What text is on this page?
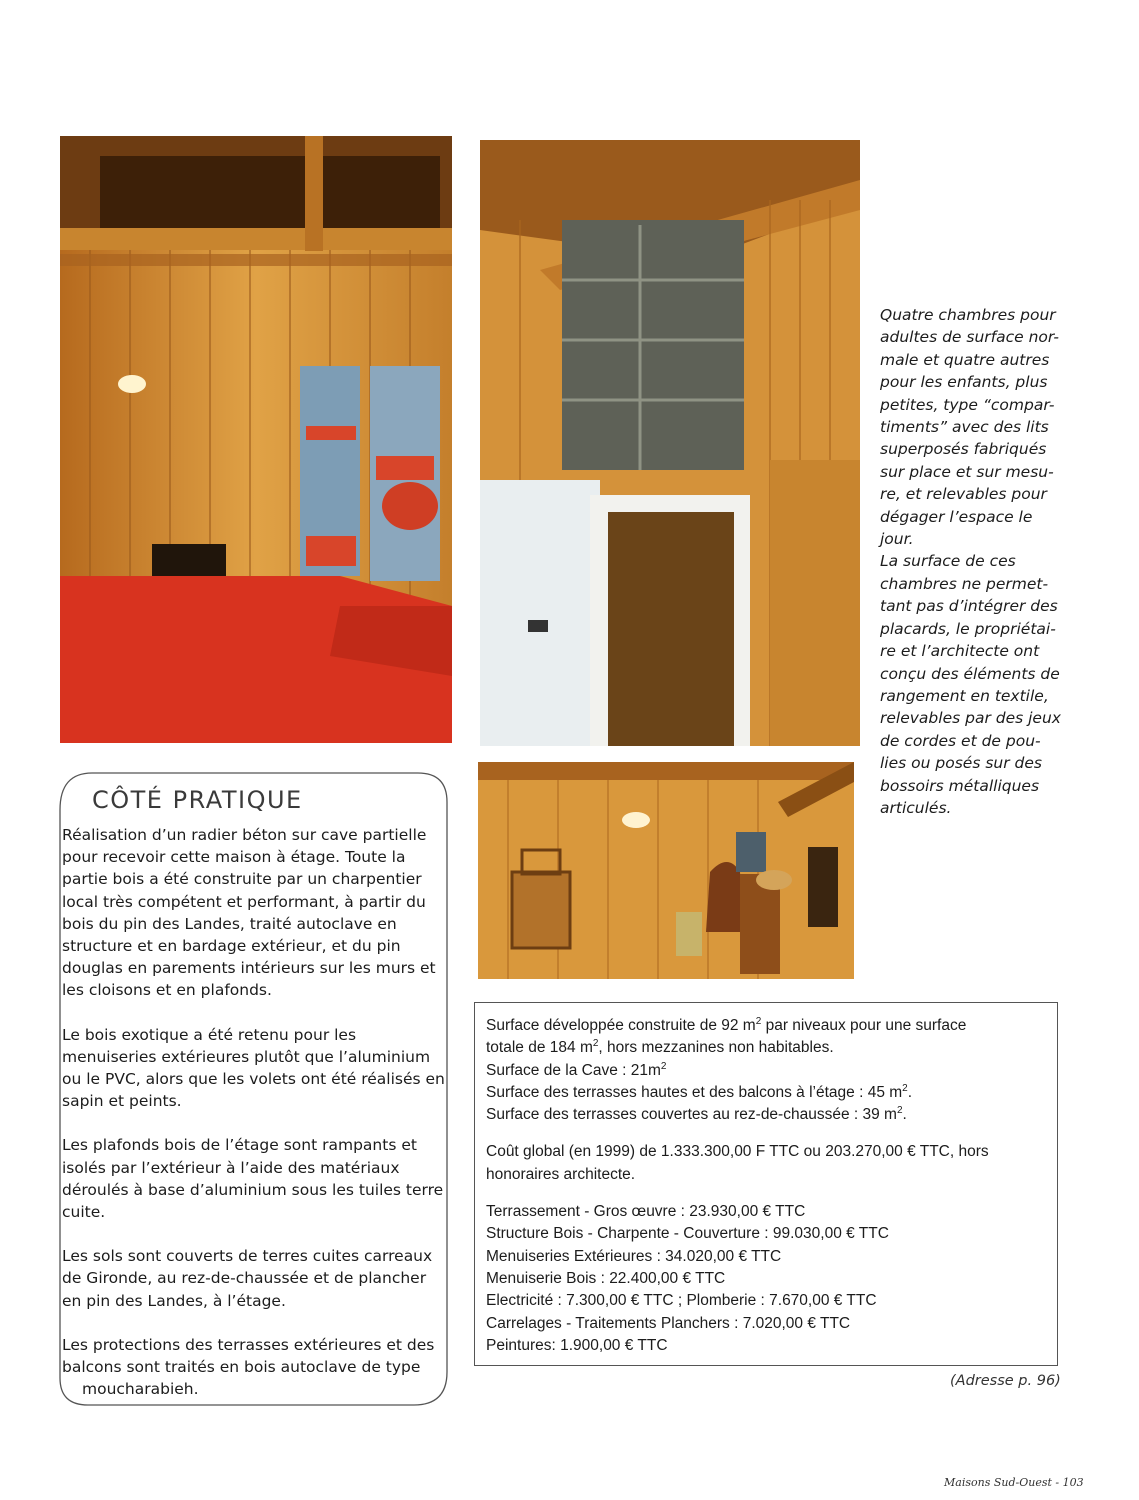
Quatre chambres pour

adultes de surface nor-

male et quatre autres

pour les enfants, plus

petites, type “compar-

timents” avec des lits

superposés fabriqués

sur place et sur mesu-

re, et relevables pour

dégager l’espace le

jour.

La surface de ces

chambres ne permet-

tant pas d’intégrer des

placards, le propriétai-

re et l’architecte ont

conçu des éléments de

rangement en textile,

relevables par des jeux

de cordes et de pou-

lies ou posés sur des

bossoirs métalliques

articulés.

CÔTÉ PRATIQUE

Réalisation d’un radier béton sur cave partielle pour recevoir cette maison à étage. Toute la partie bois a été construite par un charpentier local très compétent et performant, à partir du bois du pin des Landes, traité autoclave en structure et en bardage extérieur, et du pin douglas en parements intérieurs sur les murs et les cloisons et en plafonds.

Le bois exotique a été retenu pour les menuiseries extérieures plutôt que l’aluminium ou le PVC, alors que les volets ont été réalisés en sapin et peints.

Les plafonds bois de l’étage sont rampants et isolés par l’extérieur à l’aide des matériaux déroulés à base d’aluminium sous les tuiles terre cuite.

Les sols sont couverts de terres cuites carreaux de Gironde, au rez-de-chaussée et de plancher en pin des Landes, à l’étage.

Les protections des terrasses extérieures et des balcons sont traités en bois autoclave de type
moucharabieh.

Surface développée construite de 92 $m^2$ par niveaux pour une surface

totale de 184 $m^2$, hors mezzanines non habitables.

Surface de la Cave : $21m^2$

Surface des terrasses hautes et des balcons à l’étage : 45 $m^2$.

Surface des terrasses couvertes au rez-de-chaussée : 39 $m^2$.

Coût global (en 1999) de 1.333.300,00 F TTC ou 203.270,00 € TTC, hors honoraires architecte.

Terrassement - Gros œuvre : 23.930,00 € TTC

Structure Bois - Charpente - Couverture : 99.030,00 € TTC

Menuiseries Extérieures : 34.020,00 € TTC

Menuiserie Bois : 22.400,00 € TTC

Electricité : 7.300,00 € TTC ; Plomberie : 7.670,00 € TTC

Carrelages - Traitements Planchers : 7.020,00 € TTC

Peintures: 1.900,00 € TTC

(Adresse p. 96)
Maisons Sud-Ouest - 103
